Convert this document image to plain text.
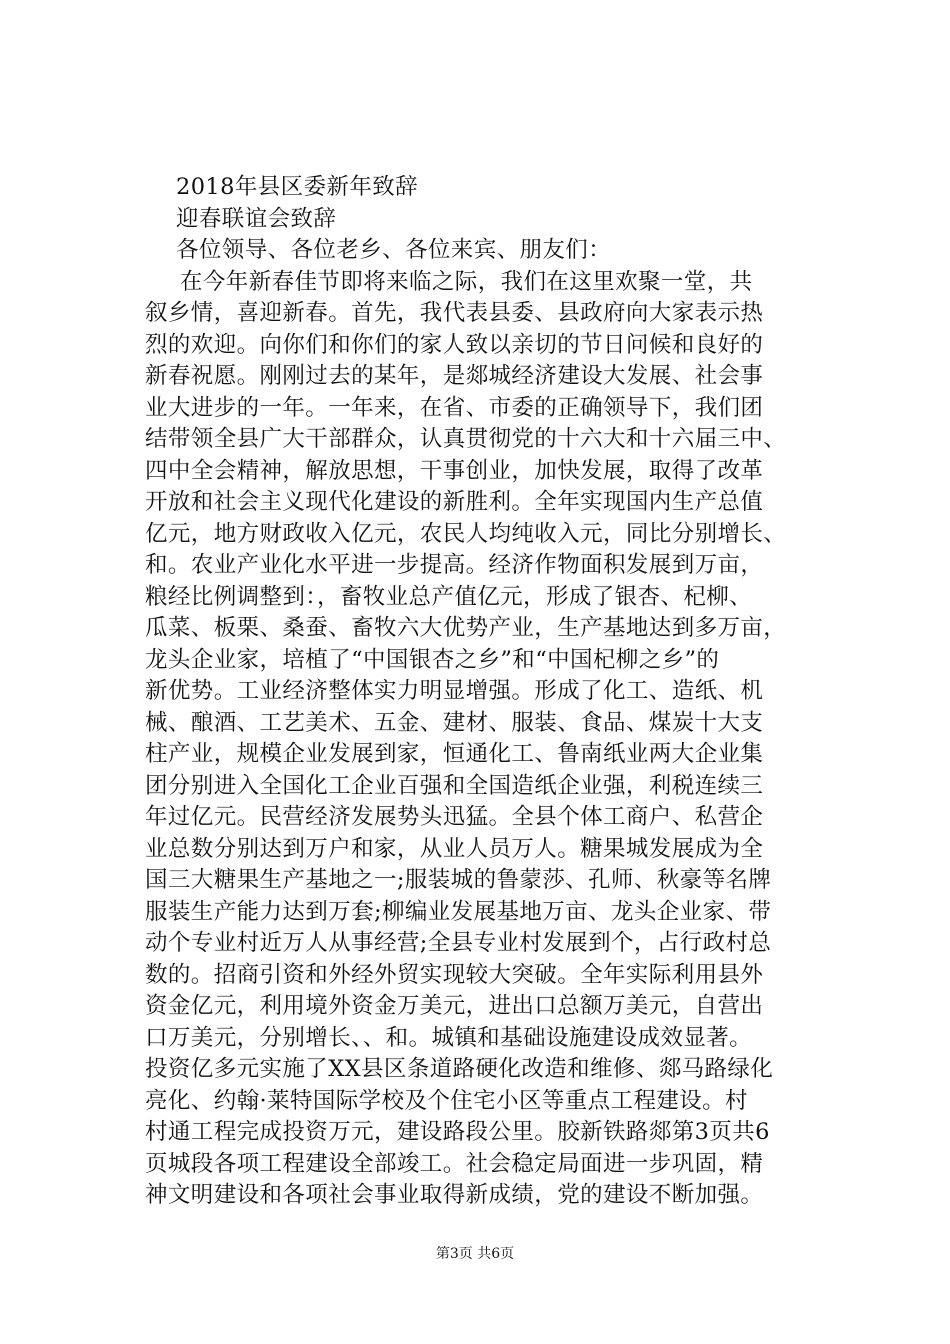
2018年县区委新年致辞
迎春联谊会致辞
各位领导、各位老乡、各位来宾、朋友们：
在今年新春佳节即将来临之际，我们在这里欢聚一堂，共
叙乡情，喜迎新春。首先，我代表县委、县政府向大家表示热
烈的欢迎。向你们和你们的家人致以亲切的节日问候和良好的
新春祝愿。刚刚过去的某年，是郯城经济建设大发展、社会事
业大进步的一年。一年来，在省、市委的正确领导下，我们团
结带领全县广大干部群众，认真贯彻党的十六大和十六届三中、
四中全会精神，解放思想，干事创业，加快发展，取得了改革
开放和社会主义现代化建设的新胜利。全年实现国内生产总值
亿元，地方财政收入亿元，农民人均纯收入元，同比分别增长、
和。农业产业化水平进一步提高。经济作物面积发展到万亩，
粮经比例调整到：，畜牧业总产值亿元，形成了银杏、杞柳、
瓜菜、板栗、桑蚕、畜牧六大优势产业，生产基地达到多万亩，
龙头企业家，培植了“中国银杏之乡”和“中国杞柳之乡”的
新优势。工业经济整体实力明显增强。形成了化工、造纸、机
械、酿酒、工艺美术、五金、建材、服装、食品、煤炭十大支
柱产业，规模企业发展到家，恒通化工、鲁南纸业两大企业集
团分别进入全国化工企业百强和全国造纸企业强，利税连续三
年过亿元。民营经济发展势头迅猛。全县个体工商户、私营企
业总数分别达到万户和家，从业人员万人。糖果城发展成为全
国三大糖果生产基地之一;服装城的鲁蒙莎、孔师、秋豪等名牌
服装生产能力达到万套;柳编业发展基地万亩、龙头企业家、带
动个专业村近万人从事经营;全县专业村发展到个，占行政村总
数的。招商引资和外经外贸实现较大突破。全年实际利用县外
资金亿元，利用境外资金万美元，进出口总额万美元，自营出
口万美元，分别增长、、和。城镇和基础设施建设成效显著。
投资亿多元实施了XX县区条道路硬化改造和维修、郯马路绿化
亮化、约翰·莱特国际学校及个住宅小区等重点工程建设。村
村通工程完成投资万元，建设路段公里。胶新铁路郯第3页共6
页城段各项工程建设全部竣工。社会稳定局面进一步巩固，精
神文明建设和各项社会事业取得新成绩，党的建设不断加强。
第3页 共6页
